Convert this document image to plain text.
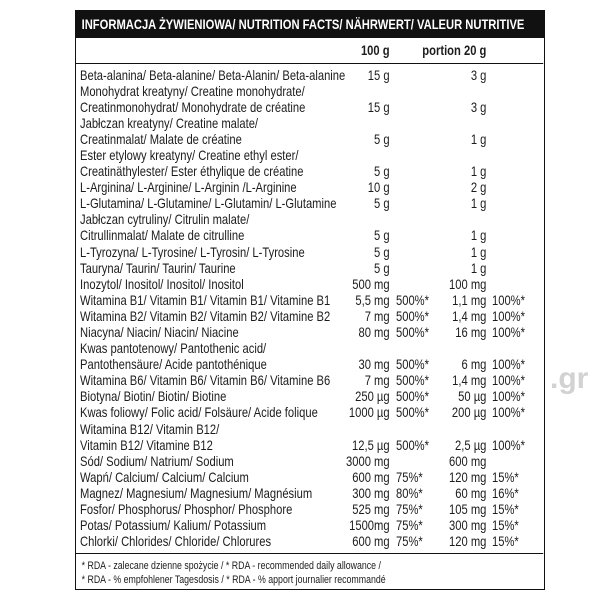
.gr
INFORMACJA ŻYWIENIOWA/ NUTRITION FACTS/ NÄHRWERT/ VALEUR NUTRITIVE
100 g portion 20 g
Beta-alanina/ Beta-alanine/ Beta-Alanin/ Beta-alanine	15 g	3 g
Monohydrat kreatyny/ Creatine monohydrate/
Creatinmonohydrat/ Monohydrate de créatine	15 g	3 g
Jabłczan kreatyny/ Creatine malate/
Creatinmalat/ Malate de créatine	5 g	1 g
Ester etylowy kreatyny/ Creatine ethyl ester/
Creatinäthylester/ Ester éthylique de créatine	5 g	1 g
L-Arginina/ L-Arginine/ L-Arginin /L-Arginine	10 g	2 g
L-Glutamina/ L-Glutamine/ L-Glutamin/ L-Glutamine	5 g	1 g
Jabłczan cytruliny/ Citrulin malate/
Citrullinmalat/ Malate de citrulline	5 g	1 g
L-Tyrozyna/ L-Tyrosine/ L-Tyrosin/ L-Tyrosine	5 g	1 g
Tauryna/ Taurin/ Taurin/ Taurine	5 g	1 g
Inozytol/ Inositol/ Inositol/ Inositol	500 mg	100 mg
Witamina B1/ Vitamin B1/ Vitamin B1/ Vitamine B1	5,5 mg 500%*	1,1 mg 100%*
Witamina B2/ Vitamin B2/ Vitamin B2/ Vitamine B2	7 mg 500%*	1,4 mg 100%*
Niacyna/ Niacin/ Niacin/ Niacine	80 mg 500%*	16 mg 100%*
Kwas pantotenowy/ Pantothenic acid/
Pantothensäure/ Acide pantothénique	30 mg 500%*	6 mg 100%*
Witamina B6/ Vitamin B6/ Vitamin B6/ Vitamine B6	7 mg 500%*	1,4 mg 100%*
Biotyna/ Biotin/ Biotin/ Biotine	250 µg 500%*	50 µg 100%*
Kwas foliowy/ Folic acid/ Folsäure/ Acide folique	1000 µg 500%*	200 µg 100%*
Witamina B12/ Vitamin B12/
Vitamin B12/ Vitamine B12	12,5 µg 500%*	2,5 µg 100%*
Sód/ Sodium/ Natrium/ Sodium	3000 mg	600 mg
Wapń/ Calcium/ Calcium/ Calcium	600 mg 75%*	120 mg 15%*
Magnez/ Magnesium/ Magnesium/ Magnésium	300 mg 80%*	60 mg 16%*
Fosfor/ Phosphorus/ Phosphor/ Phosphore	525 mg 75%*	105 mg 15%*
Potas/ Potassium/ Kalium/ Potassium	1500mg 75%*	300 mg 15%*
Chlorki/ Chlorides/ Chloride/ Chlorures	600 mg 75%*	120 mg 15%*
* RDA - zalecane dzienne spożycie / * RDA - recommended daily allowance /
* RDA - % empfohlener Tagesdosis / * RDA - % apport journalier recommandé
